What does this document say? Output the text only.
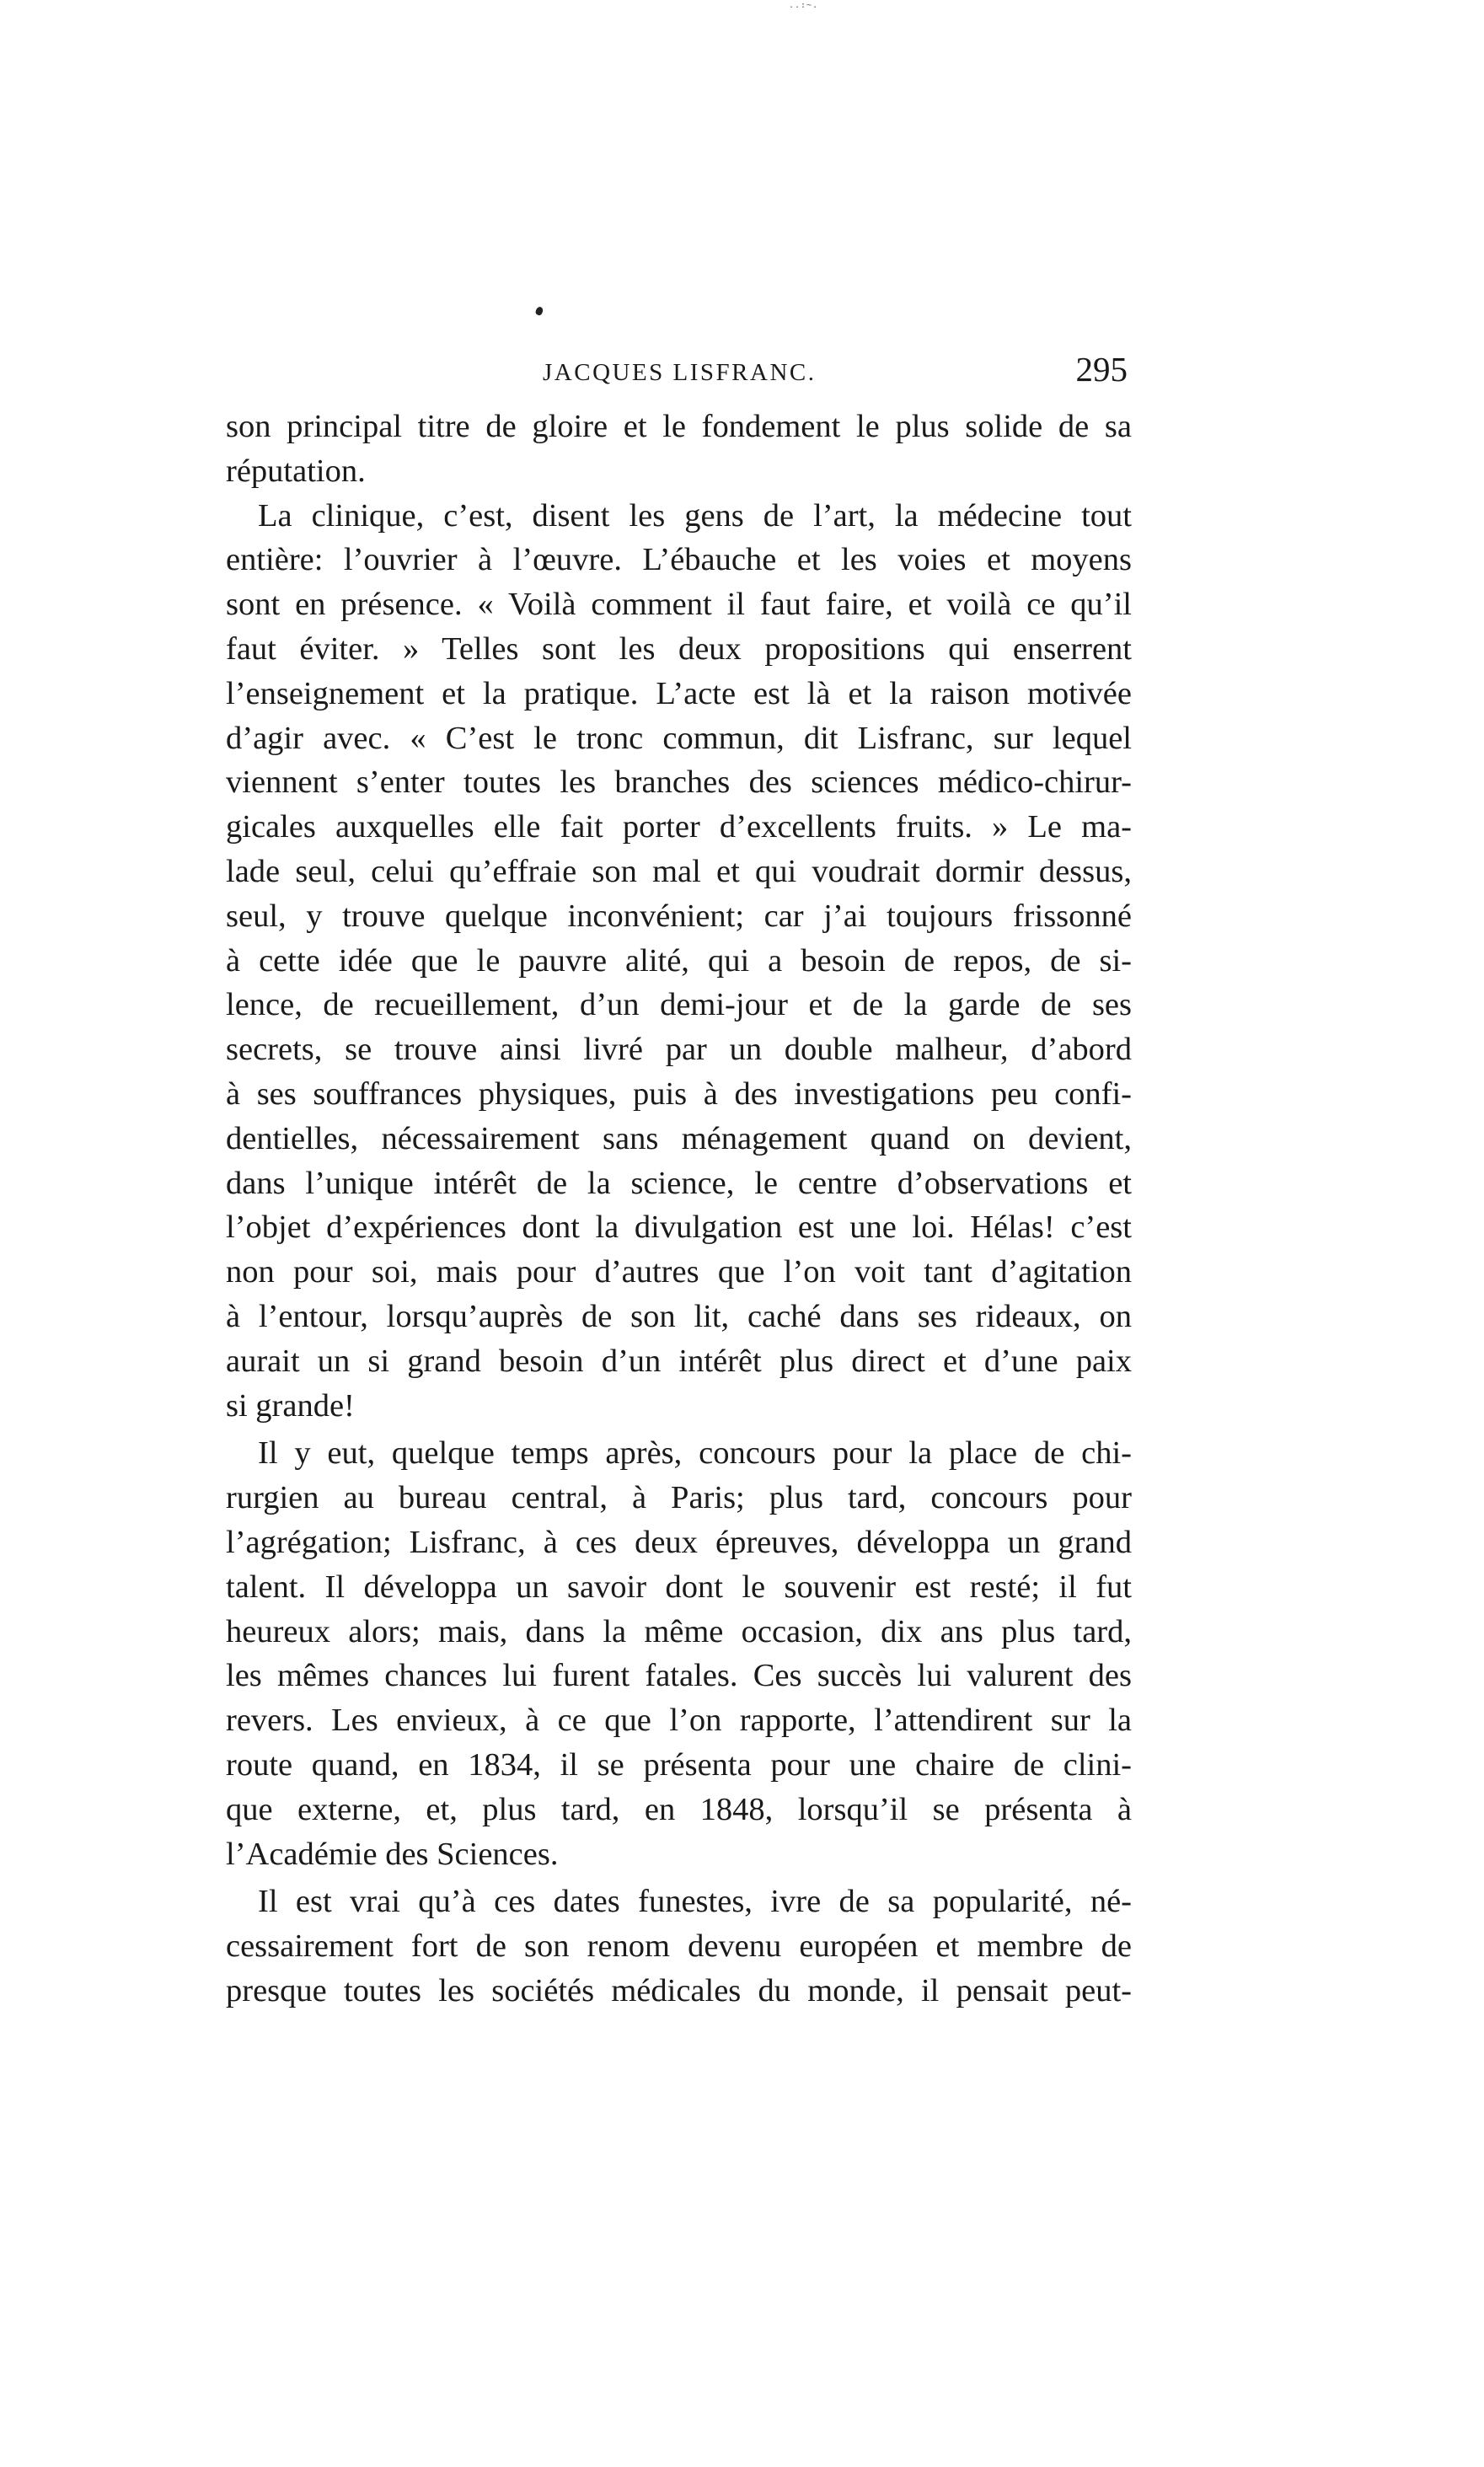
..:~.
JACQUES LISFRANC.	295
son principal titre de gloire et le fondement le plus solide de sa
réputation.
La clinique, c’est, disent les gens de l’art, la médecine tout
entière: l’ouvrier à l’œuvre. L’ébauche et les voies et moyens
sont en présence. « Voilà comment il faut faire, et voilà ce qu’il
faut éviter. » Telles sont les deux propositions qui enserrent
l’enseignement et la pratique. L’acte est là et la raison motivée
d’agir avec. « C’est le tronc commun, dit Lisfranc, sur lequel
viennent s’enter toutes les branches des sciences médico-chirur-
gicales auxquelles elle fait porter d’excellents fruits. » Le ma-
lade seul, celui qu’effraie son mal et qui voudrait dormir dessus,
seul, y trouve quelque inconvénient; car j’ai toujours frissonné
à cette idée que le pauvre alité, qui a besoin de repos, de si-
lence, de recueillement, d’un demi-jour et de la garde de ses
secrets, se trouve ainsi livré par un double malheur, d’abord
à ses souffrances physiques, puis à des investigations peu confi-
dentielles, nécessairement sans ménagement quand on devient,
dans l’unique intérêt de la science, le centre d’observations et
l’objet d’expériences dont la divulgation est une loi. Hélas! c’est
non pour soi, mais pour d’autres que l’on voit tant d’agitation
à l’entour, lorsqu’auprès de son lit, caché dans ses rideaux, on
aurait un si grand besoin d’un intérêt plus direct et d’une paix
si grande!
Il y eut, quelque temps après, concours pour la place de chi-
rurgien au bureau central, à Paris; plus tard, concours pour
l’agrégation; Lisfranc, à ces deux épreuves, développa un grand
talent. Il développa un savoir dont le souvenir est resté; il fut
heureux alors; mais, dans la même occasion, dix ans plus tard,
les mêmes chances lui furent fatales. Ces succès lui valurent des
revers. Les envieux, à ce que l’on rapporte, l’attendirent sur la
route quand, en 1834, il se présenta pour une chaire de clini-
que externe, et, plus tard, en 1848, lorsqu’il se présenta à
l’Académie des Sciences.
Il est vrai qu’à ces dates funestes, ivre de sa popularité, né-
cessairement fort de son renom devenu européen et membre de
presque toutes les sociétés médicales du monde, il pensait peut-
